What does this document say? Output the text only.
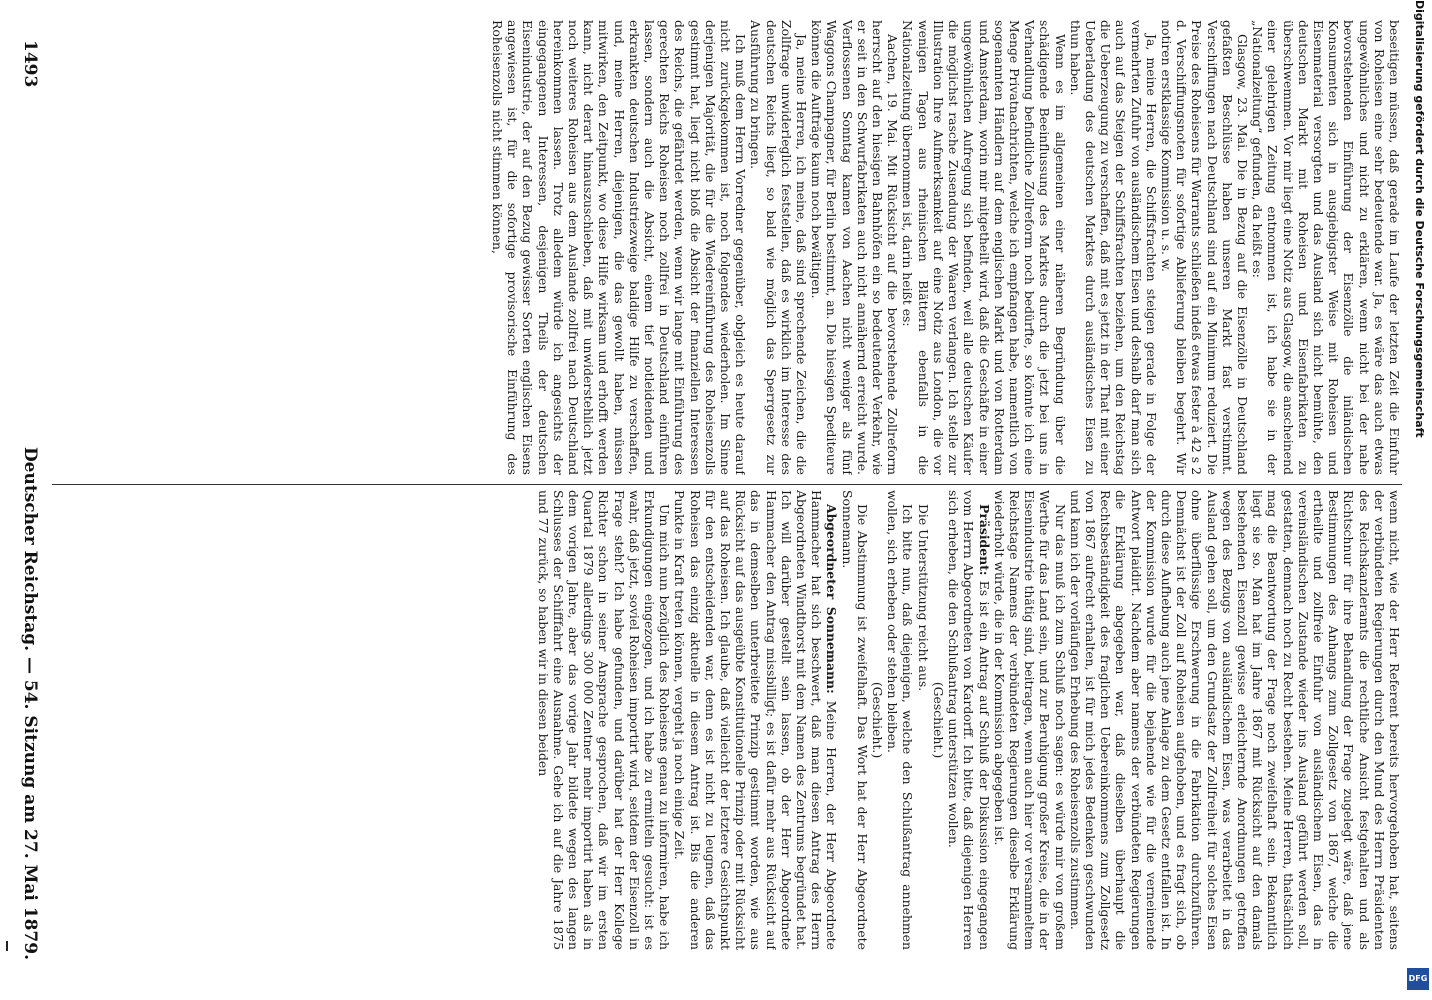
Digitalisierung gefördert durch die Deutsche Forschungsgemeinschaft
DFG
1493
Deutscher Reichstag. — 54. Sitzung am 27. Mai 1879.	wenn nicht, wie der Herr Referent bereits hervorgehoben hat, seitens der verbündeten Regierungen durch den Mund des Herrn Präsidenten des Reichskanzleramts die rechtliche Ansicht festgehalten und als Richtschnur für ihre Behandlung der Frage zugelegt wäre, daß jene Bestimmungen des Anhangs zum Zollgesetz von 1867, welche die ertheilte und zollfreie Einfuhr von ausländischem Eisen, das in vereinsländischen Zustande wieder ins Ausland geführt werden soll, gestatten, demnach noch zu Recht bestehen. Meine Herren, thatsächlich mag die Beantwortung der Frage noch zweifelhaft sein. Bekanntlich liegt sie so. Man hat im Jahre 1867 mit Rücksicht auf den damals bestehenden Eisenzoll gewisse erleichternde Anordnungen getroffen wegen des Bezugs von ausländischem Eisen, was verarbeitet in das Ausland gehen soll, um den Grundsatz der Zollfreiheit für solches Eisen ohne überflüssige Erschwerung in die Fabrikation durchzuführen. Demnächst ist der Zoll auf Roheisen aufgehoben, und es fragt sich, ob durch diese Aufhebung auch jene Anlage zu dem Gesetz entfallen ist. In der Kommission wurde für die bejahende wie für die verneinende Antwort plaidirt. Nachdem aber namens der verbündeten Regierungen die Erklärung abgegeben war, daß dieselben überhaupt die Rechtsbeständigkeit des fraglichen Uebereinkommens zum Zollgesetz von 1867 aufrecht erhalten, ist für mich jedes Bedenken geschwunden und kann ich der vorläufigen Erhebung des Roheisenzolls zustimmen.

Nur das muß ich zum Schluß noch sagen: es würde mir von großem Werthe für das Land sein, und zur Beruhigung großer Kreise, die in der Eisenindustrie thätig sind, beitragen, wenn auch hier vor versammeltem Reichstage Namens der verbündeten Regierungen dieselbe Erklärung wiederholt würde, die in der Kommission abgegeben ist.

Präsident: Es ist ein Antrag auf Schluß der Diskussion eingegangen vom Herrn Abgeordneten von Kardorff. Ich bitte, daß diejenigen Herren sich erheben, die den Schlußantrag unterstützen wollen.

(Geschieht.)

Die Unterstützung reicht aus.

Ich bitte nun, daß diejenigen, welche den Schlußantrag annehmen wollen, sich erheben oder stehen bleiben.

(Geschieht.)

Die Abstimmung ist zweifelhaft. Das Wort hat der Herr Abgeordnete Sonnemann.

Abgeordneter Sonnemann: Meine Herren, der Herr Abgeordnete Hammacher hat sich beschwert, daß man diesen Antrag des Herrn Abgeordneten Windthorst mit dem Namen des Zentrums begründet hat. Ich will darüber gestellt sein lassen, ob der Herr Abgeordnete Hammacher den Antrag missbilligt; es ist dafür mehr aus Rücksicht auf das in demselben unterbreitete Prinzip gestimmt worden, wie aus Rücksicht auf das ausgeübte Konstitutionelle Prinzip oder mit Rücksicht auf das Roheisen. Ich glaube, daß vielleicht der letztere Gesichtspunkt für den entscheidenden war, denn es ist nicht zu leugnen, daß das Roheisen das einzig aktuelle in diesem Antrag ist. Bis die anderen Punkte in Kraft treten können, vergeht ja noch einige Zeit.

Um mich nun bezüglich des Roheisens genau zu informiren, habe ich Erkundigungen eingezogen, und ich habe zu ermitteln gesucht: ist es wahr, daß jetzt, soviel Roheisen importirt wird, seitdem der Eisenzoll in Frage steht? Ich habe gefunden, und darüber hat der Herr Kollege Richter schon in seiner Ansprache gesprochen, daß wir im ersten Quartal 1879 allerdings 300 000 Zentner mehr importirt haben als in dem vorigen Jahre, aber das vorige Jahr bildete wegen des langen Schlusses der Schifffahrt eine Ausnahme. Gehe ich auf die Jahre 1875 und 77 zurück, so haben wir in diesen beiden

beseitigen müssen, daß gerade im Laufe der letzten Zeit die Einfuhr von Roheisen eine sehr bedeutende war. Ja, es wäre das auch etwas ungewöhnliches und nicht zu erklären, wenn nicht bei der nahe bevorstehenden Einführung der Eisenzölle die inländischen Konsumenten sich in ausgiebigster Weise mit Roheisen und Eisenmaterial versorgten und das Ausland sich nicht bemühte, den deutschen Markt mit Roheisen und Eisenfabrikaten zu überschwemmen. Vor mir liegt eine Notiz aus Glasgow, die anscheinend einer gelehrigen Zeitung entnommen ist, ich habe sie in der „Nationalzeitung“ gefunden, da heißt es:

Glasgow, 23. Mai. Die in Bezug auf die Eisenzölle in Deutschland gefaßten Beschlüsse haben unseren Markt fast verstimmt. Verschiffungen nach Deutschland sind auf ein Minimum reduziert. Die Preise des Roheisens für Warrants schließen indeß etwas fester à 42 s 2 d. Verschiffungsnoten für sofortige Ablieferung bleiben begehrt. Wir notiren erstklassige Kommission u. s. w.

Ja, meine Herren, die Schiffsfrachten steigen gerade in Folge der vermehrten Zufuhr von ausländischem Eisen und deshalb darf man sich auch auf das Steigen der Schiffsfrachten beziehen, um den Reichstag die Ueberzeugung zu verschaffen, daß mit es jetzt in der That mit einer Ueberladung des deutschen Marktes durch ausländisches Eisen zu thun haben.

Wenn es im allgemeinen einer näheren Begründung über die schädigende Beeinflussung des Marktes durch die jetzt bei uns in Verhandlung befindliche Zollreform noch bedürfte, so könnte ich eine Menge Privatnachrichten, welche ich empfangen habe, namentlich von sogenannten Händlern auf dem englischen Markt und von Rotterdam und Amsterdam, worin mir mitgetheilt wird, daß die Geschäfte in einer ungewöhnlichen Aufregung sich befinden, weil alle deutschen Käufer die möglichst rasche Zusendung der Waaren verlangen. Ich stelle zur Illustration Ihre Aufmerksamkeit auf eine Notiz aus London, die vor wenigen Tagen aus rheinischen Blättern ebenfalls in die Nationalzeitung übernommen ist, darin heißt es:

Aachen, 19. Mai. Mit Rücksicht auf die bevorstehende Zollreform herrscht auf den hiesigen Bahnhöfen ein so bedeutender Verkehr, wie er seit in den Schwurfabrikaten auch nicht annähernd erreicht wurde. Verflossenen Sonntag kamen von Aachen nicht weniger als fünf Waggons Champagner, für Berlin bestimmt, an. Die hiesigen Spediteure können die Aufträge kaum noch bewältigen.

Ja, meine Herren, ich meine, daß sind sprechende Zeichen, die die Zollfrage unwiderleglich feststellen, daß es wirklich im Interesse des deutschen Reichs liegt, so bald wie möglich das Sperrgesetz zur Ausführung zu bringen.

Ich muß dem Herrn Vorredner gegenüber, obgleich es heute darauf nicht zurückgekommen ist, noch folgendes wiederholen. Im Sinne derjenigen Majorität, die für die Wiedereinführung des Roheisenzolls gestimmt hat, liegt nicht bloß die Absicht der finanziellen Interessen des Reichs, die gefährdet werden, wenn wir lange mit Einführung des gerechten Reichs Roheisen noch zollfrei in Deutschland einführen lassen, sondern auch die Absicht, einem tief notleidenden und erkrankten deutschen Industriezweige baldige Hilfe zu verschaffen, und, meine Herren, diejenigen, die das gewollt haben, müssen mitwirken, den Zeitpunkt, wo diese Hilfe wirksam und erhofft werden kann, nicht derart hinauszuschieben, daß mit unwiderstehlich jetzt noch weiteres Roheisen aus dem Auslande zollfrei nach Deutschland hereinkommen lassen. Trotz alledem würde ich angesichts der eingegangenen Interessen, desjenigen Theils der deutschen Eisenindustrie, der auf den Bezug gewisser Sorten englischen Eisens angewiesen ist, für die sofortige provisorische Einführung des Roheisenzolls nicht stimmen können,
